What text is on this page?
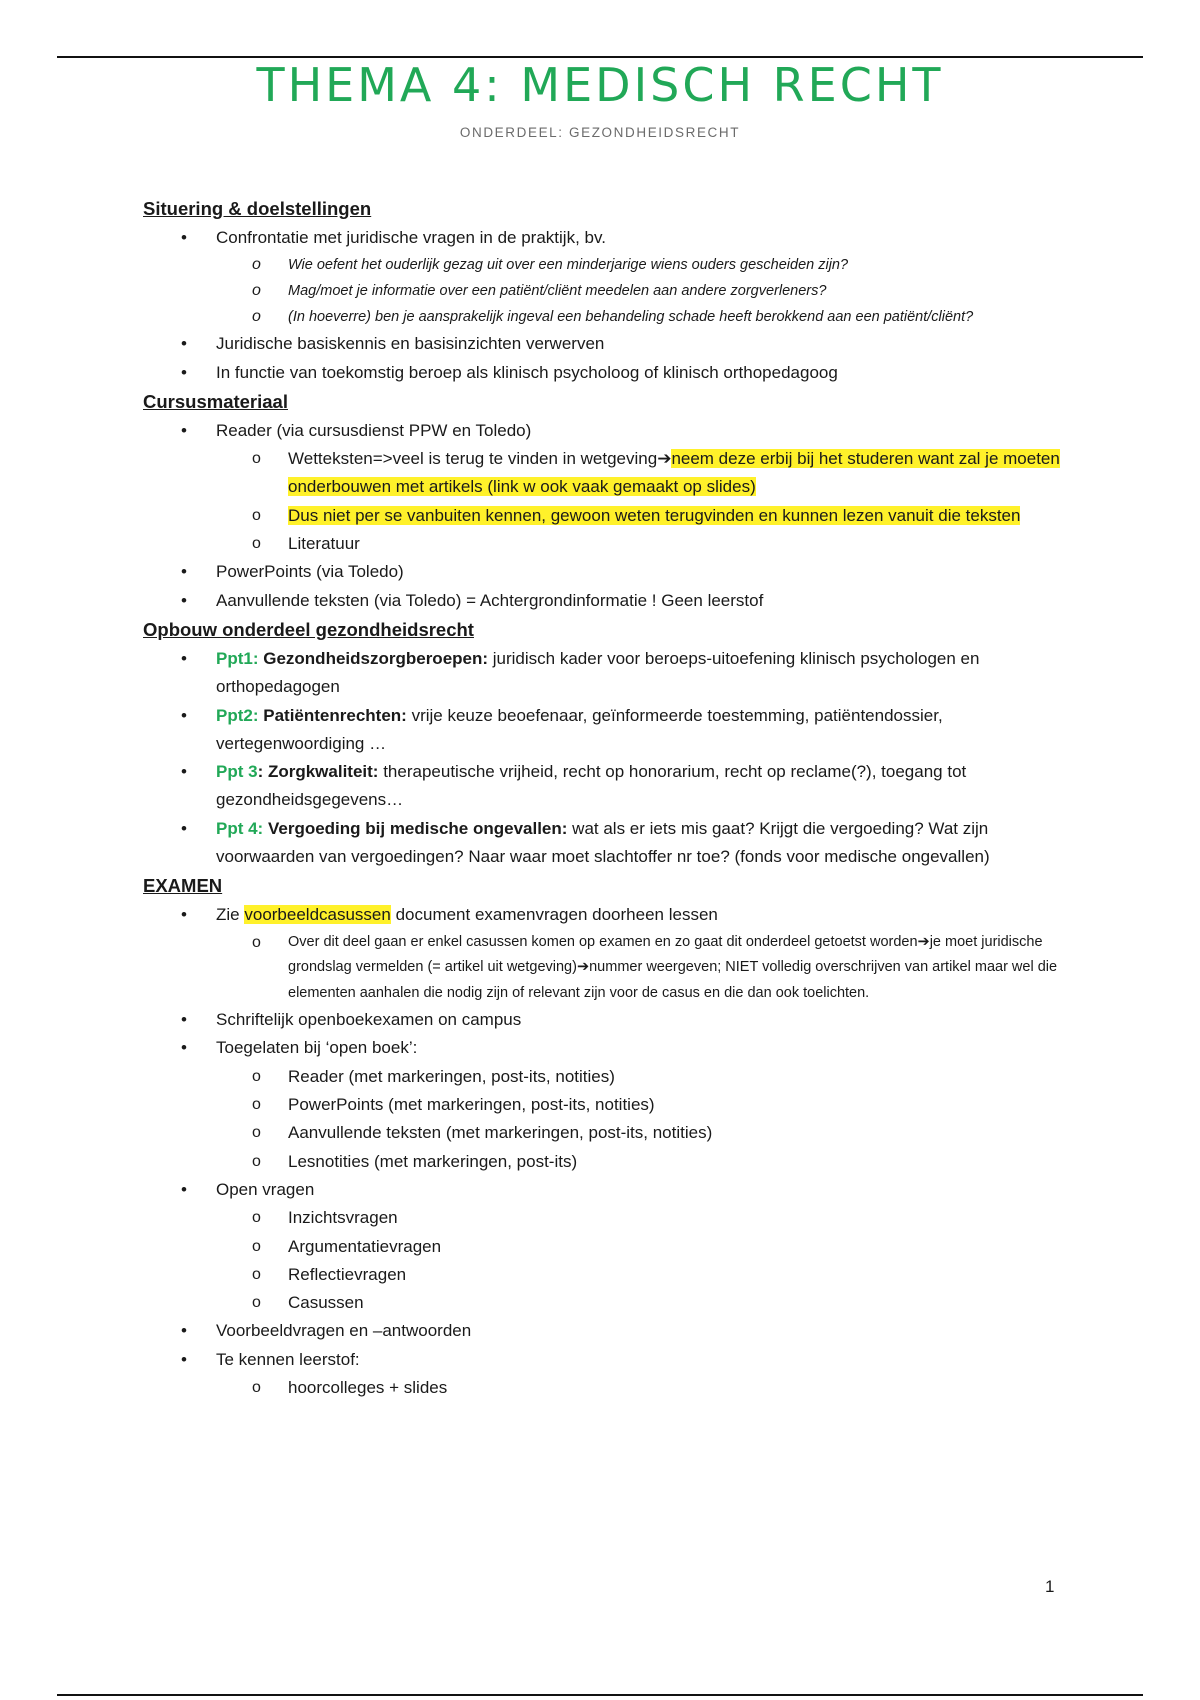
THEMA 4: MEDISCH RECHT
ONDERDEEL: GEZONDHEIDSRECHT

Situering & doelstellingen

• Confrontatie met juridische vragen in de praktijk, bv.
o Wie oefent het ouderlijk gezag uit over een minderjarige wiens ouders gescheiden zijn?
o Mag/moet je informatie over een patiënt/cliënt meedelen aan andere zorgverleners?
o (In hoeverre) ben je aansprakelijk ingeval een behandeling schade heeft berokkend aan een patiënt/cliënt?
• Juridische basiskennis en basisinzichten verwerven
• In functie van toekomstig beroep als klinisch psycholoog of klinisch orthopedagoog

Cursusmateriaal

• Reader (via cursusdienst PPW en Toledo)
o Wetteksten=>veel is terug te vinden in wetgeving➔neem deze erbij bij het studeren want zal je moeten onderbouwen met artikels (link w ook vaak gemaakt op slides)
o Dus niet per se vanbuiten kennen, gewoon weten terugvinden en kunnen lezen vanuit die teksten
o Literatuur
• PowerPoints (via Toledo)
• Aanvullende teksten (via Toledo) = Achtergrondinformatie ! Geen leerstof

Opbouw onderdeel gezondheidsrecht

• Ppt1: Gezondheidszorgberoepen: juridisch kader voor beroeps-uitoefening klinisch psychologen en orthopedagogen
• Ppt2: Patiëntenrechten: vrije keuze beoefenaar, geïnformeerde toestemming, patiëntendossier, vertegenwoordiging …
• Ppt 3: Zorgkwaliteit: therapeutische vrijheid, recht op honorarium, recht op reclame(?), toegang tot gezondheidsgegevens…
• Ppt 4: Vergoeding bij medische ongevallen: wat als er iets mis gaat? Krijgt die vergoeding? Wat zijn voorwaarden van vergoedingen? Naar waar moet slachtoffer nr toe? (fonds voor medische ongevallen)

EXAMEN

• Zie voorbeeldcasussen document examenvragen doorheen lessen
o Over dit deel gaan er enkel casussen komen op examen en zo gaat dit onderdeel getoetst worden➔je moet juridische grondslag vermelden (= artikel uit wetgeving)➔nummer weergeven; NIET volledig overschrijven van artikel maar wel die elementen aanhalen die nodig zijn of relevant zijn voor de casus en die dan ook toelichten.
• Schriftelijk openboekexamen on campus
• Toegelaten bij ‘open boek’:
o Reader (met markeringen, post-its, notities)
o PowerPoints (met markeringen, post-its, notities)
o Aanvullende teksten (met markeringen, post-its, notities)
o Lesnotities (met markeringen, post-its)
• Open vragen
o Inzichtsvragen
o Argumentatievragen
o Reflectievragen
o Casussen
• Voorbeeldvragen en –antwoorden
• Te kennen leerstof:
o hoorcolleges + slides
1
